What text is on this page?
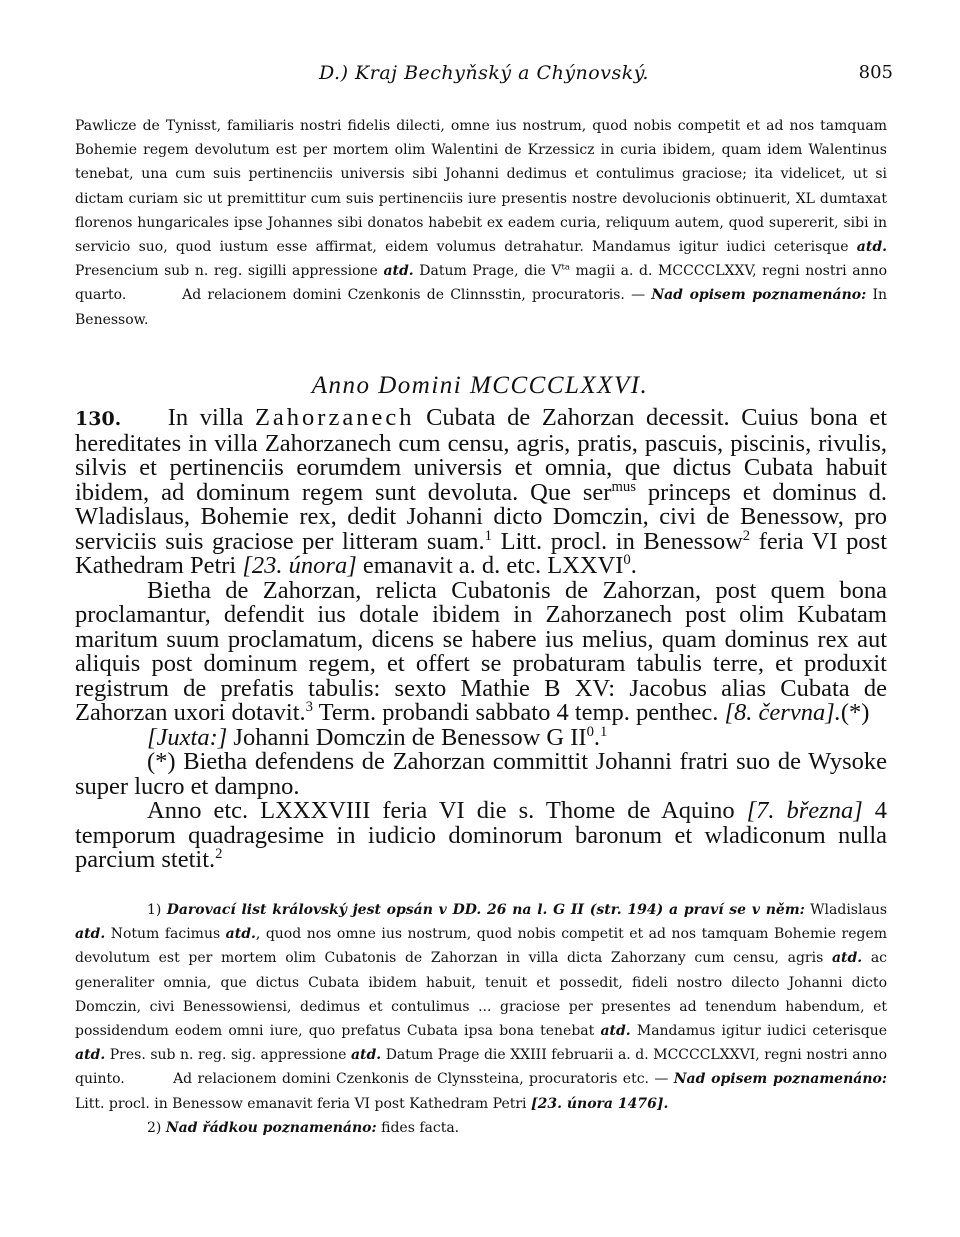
D.) Kraj Bechyňský a Chýnovský.	805

Pawlicze de Tynisst, familiaris nostri fidelis dilecti, omne ius nostrum, quod nobis competit et ad nos tamquam Bohemie regem devolutum est per mortem olim Walentini de Krzessicz in curia ibidem, quam idem Walentinus tenebat, una cum suis pertinenciis universis sibi Johanni dedimus et contulimus graciose; ita videlicet, ut si dictam curiam sic ut premittitur cum suis pertinenciis iure presentis nostre devolucionis obtinuerit, XL dumtaxat florenos hungaricales ipse Johannes sibi donatos habebit ex eadem curia, reliquum autem, quod supererit, sibi in servicio suo, quod iustum esse affirmat, eidem volumus detrahatur. Mandamus igitur iudici ceterisque atd. Presencium sub n. reg. sigilli appressione atd. Datum Prage, die $V^{ta}$ magii a. d. MCCCCLXXV, regni nostri anno quarto.	Ad relacionem domini Czenkonis de Clinnsstin, procuratoris. — Nad opisem poznamenáno: In Benessow.

Anno Domini MCCCCLXXVI.

130. In villa Zahorzanech Cubata de Zahorzan decessit. Cuius bona et hereditates in villa Zahorzanech cum censu, agris, pratis, pascuis, piscinis, rivulis, silvis et pertinenciis eorumdem universis et omnia, que dictus Cubata habuit ibidem, ad dominum regem sunt devoluta. Que ser$^{mus}$ princeps et dominus d. Wladislaus, Bohemie rex, dedit Johanni dicto Domczin, civi de Benessow, pro serviciis suis graciose per litteram suam.$^1$ Litt. procl. in Benessow$^2$ feria VI post Kathedram Petri [23. února] emanavit a. d. etc. LXXVI$^0$.

Bietha de Zahorzan, relicta Cubatonis de Zahorzan, post quem bona proclamantur, defendit ius dotale ibidem in Zahorzanech post olim Kubatam maritum suum proclamatum, dicens se habere ius melius, quam dominus rex aut aliquis post dominum regem, et offert se probaturam tabulis terre, et produxit registrum de prefatis tabulis: sexto Mathie B XV: Jacobus alias Cubata de Zahorzan uxori dotavit.$^3$ Term. probandi sabbato 4 temp. penthec. [8. června].(*)

[Juxta:] Johanni Domczin de Benessow G $II^0.^1$

(*) Bietha defendens de Zahorzan committit Johanni fratri suo de Wysoke super lucro et dampno.

Anno etc. LXXXVIII feria VI die s. Thome de Aquino [7. března] 4 temporum quadragesime in iudicio dominorum baronum et wladiconum nulla parcium stetit.$^2$

1) Darovací list královský jest opsán v DD. 26 na l. G II (str. 194) a praví se v něm: Wladislaus atd. Notum facimus atd., quod nos omne ius nostrum, quod nobis competit et ad nos tamquam Bohemie regem devolutum est per mortem olim Cubatonis de Zahorzan in villa dicta Zahorzany cum censu, agris atd. ac generaliter omnia, que dictus Cubata ibidem habuit, tenuit et possedit, fideli nostro dilecto Johanni dicto Domczin, civi Benessowiensi, dedimus et contulimus ... graciose per presentes ad tenendum habendum, et possidendum eodem omni iure, quo prefatus Cubata ipsa bona tenebat atd. Mandamus igitur iudici ceterisque atd. Pres. sub n. reg. sig. appressione atd. Datum Prage die XXIII februarii a. d. MCCCCLXXVI, regni nostri anno quinto.	Ad relacionem domini Czenkonis de Clynssteina, procuratoris etc. — Nad opisem poznamenáno: Litt. procl. in Benessow emanavit feria VI post Kathedram Petri [23. února 1476].

2) Nad řádkou poznamenáno: fides facta.
